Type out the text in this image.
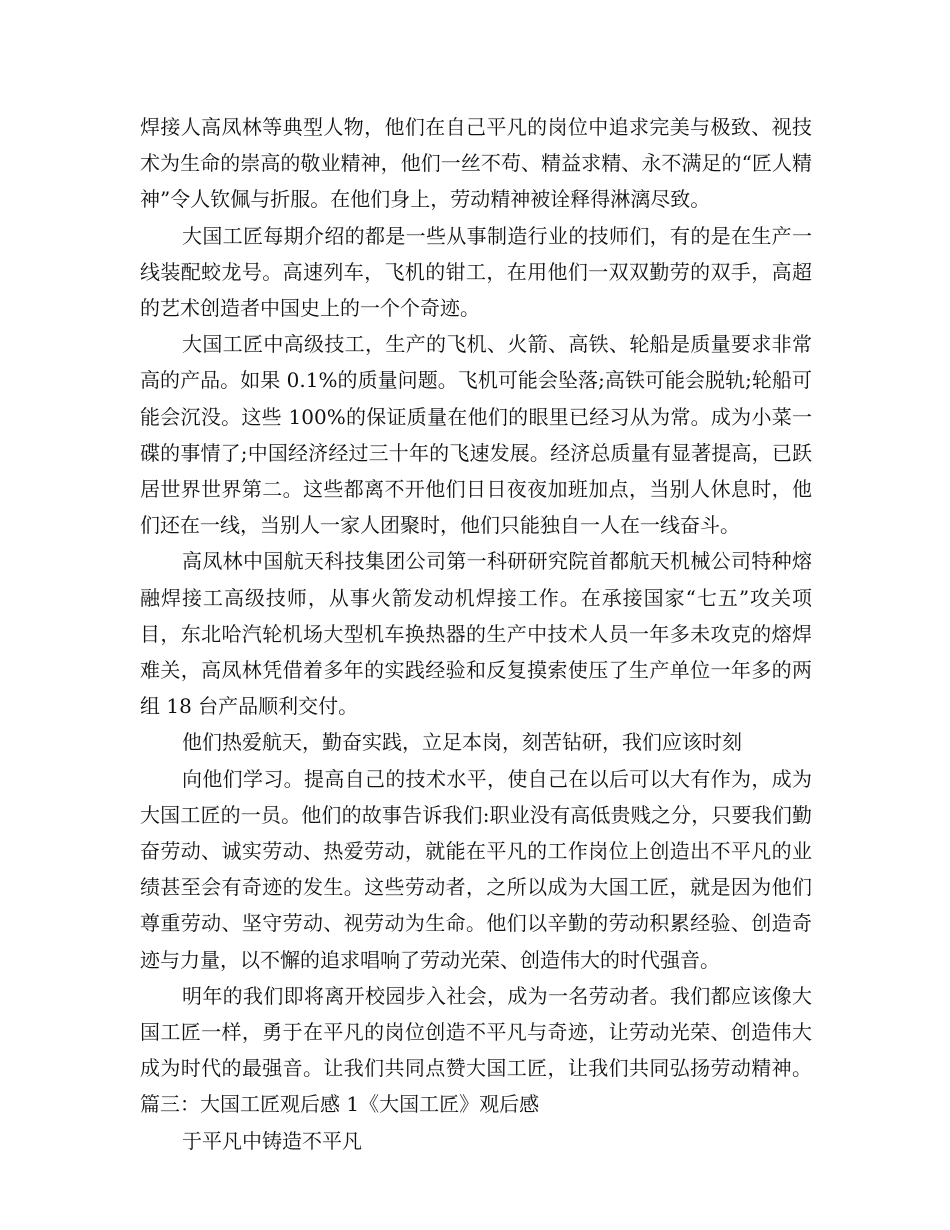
焊接人高凤林等典型人物，他们在自己平凡的岗位中追求完美与极致、视技术为生命的崇高的敬业精神，他们一丝不苟、精益求精、永不满足的“匠人精神”令人钦佩与折服。在他们身上，劳动精神被诠释得淋漓尽致。

大国工匠每期介绍的都是一些从事制造行业的技师们，有的是在生产一线装配蛟龙号。高速列车，飞机的钳工，在用他们一双双勤劳的双手，高超的艺术创造者中国史上的一个个奇迹。

大国工匠中高级技工，生产的飞机、火箭、高铁、轮船是质量要求非常高的产品。如果 0.1%的质量问题。飞机可能会坠落;高铁可能会脱轨;轮船可能会沉没。这些 100%的保证质量在他们的眼里已经习从为常。成为小菜一碟的事情了;中国经济经过三十年的飞速发展。经济总质量有显著提高，已跃居世界世界第二。这些都离不开他们日日夜夜加班加点，当别人休息时，他们还在一线，当别人一家人团聚时，他们只能独自一人在一线奋斗。

高凤林中国航天科技集团公司第一科研研究院首都航天机械公司特种熔融焊接工高级技师，从事火箭发动机焊接工作。在承接国家“七五”攻关项目，东北哈汽轮机场大型机车换热器的生产中技术人员一年多未攻克的熔焊难关，高凤林凭借着多年的实践经验和反复摸索使压了生产单位一年多的两组 18 台产品顺利交付。

他们热爱航天，勤奋实践，立足本岗，刻苦钻研，我们应该时刻

向他们学习。提高自己的技术水平，使自己在以后可以大有作为，成为大国工匠的一员。他们的故事告诉我们:职业没有高低贵贱之分，只要我们勤奋劳动、诚实劳动、热爱劳动，就能在平凡的工作岗位上创造出不平凡的业绩甚至会有奇迹的发生。这些劳动者，之所以成为大国工匠，就是因为他们尊重劳动、坚守劳动、视劳动为生命。他们以辛勤的劳动积累经验、创造奇迹与力量，以不懈的追求唱响了劳动光荣、创造伟大的时代强音。

明年的我们即将离开校园步入社会，成为一名劳动者。我们都应该像大国工匠一样，勇于在平凡的岗位创造不平凡与奇迹，让劳动光荣、创造伟大成为时代的最强音。让我们共同点赞大国工匠，让我们共同弘扬劳动精神。篇三：大国工匠观后感 1《大国工匠》观后感

于平凡中铸造不平凡
